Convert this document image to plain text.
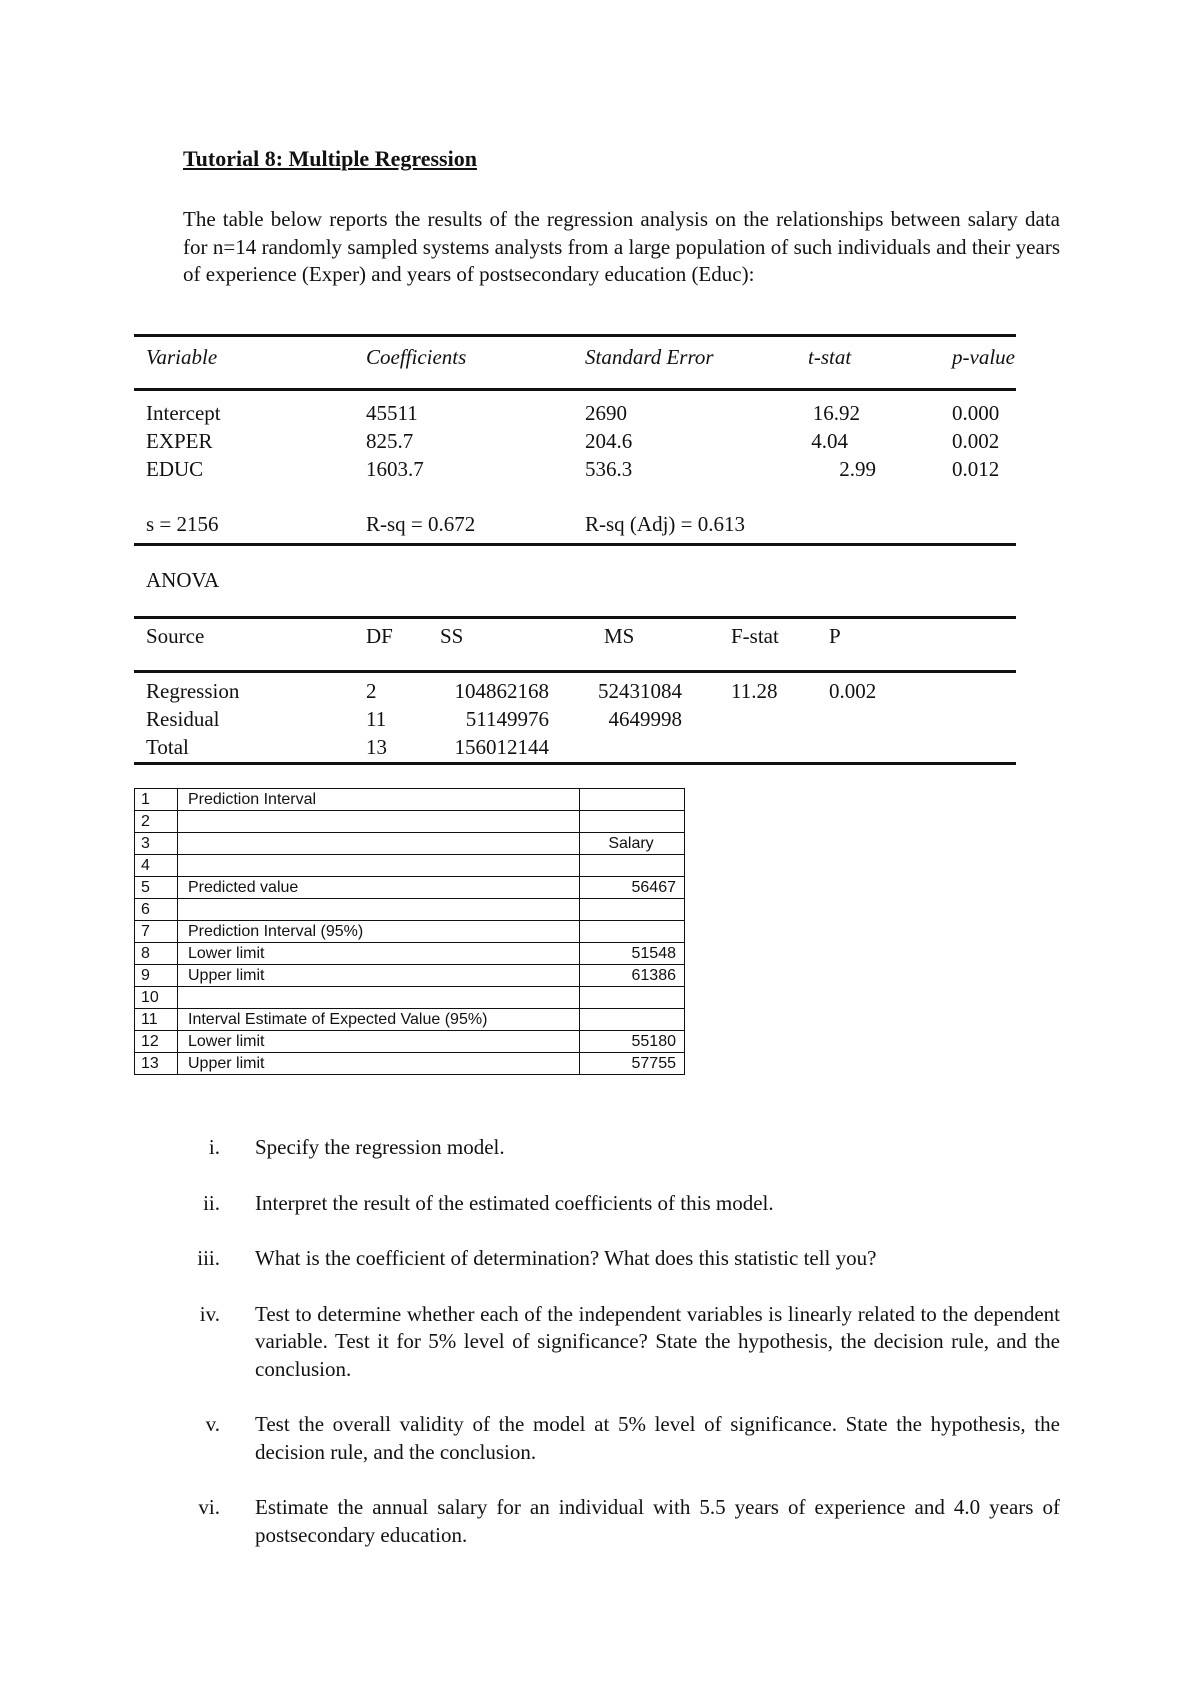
Tutorial 8: Multiple Regression

The table below reports the results of the regression analysis on the relationships between salary data for n=14 randomly sampled systems analysts from a large population of such individuals and their years of experience (Exper) and years of postsecondary education (Educ):

Variable	Coefficients	Standard Error	t-stat	p-value
Intercept	45511	2690	16.92	0.000
EXPER	825.7	204.6	4.04	0.002
EDUC	1603.7	536.3	2.99	0.012
s = 2156	R-sq = 0.672	R-sq (Adj) = 0.613
ANOVA
Source	DF SS	MS	F-stat P
Regression	2	104862168	52431084 11.28 0.002
Residual	11	51149976	4649998
Total	13	156012144
1	Prediction Interval	
2		
3		Salary
4		
5	Predicted value	56467
6		
7	Prediction Interval (95%)	
8	Lower limit	51548
9	Upper limit	61386
10		
11	Interval Estimate of Expected Value (95%)	
12	Lower limit	55180
13	Upper limit	57755
i. Specify the regression model.
ii. Interpret the result of the estimated coefficients of this model.
iii. What is the coefficient of determination? What does this statistic tell you?
iv. Test to determine whether each of the independent variables is linearly related to the dependent variable. Test it for 5% level of significance? State the hypothesis, the decision rule, and the conclusion.
v. Test the overall validity of the model at 5% level of significance. State the hypothesis, the decision rule, and the conclusion.
vi. Estimate the annual salary for an individual with 5.5 years of experience and 4.0 years of postsecondary education.
